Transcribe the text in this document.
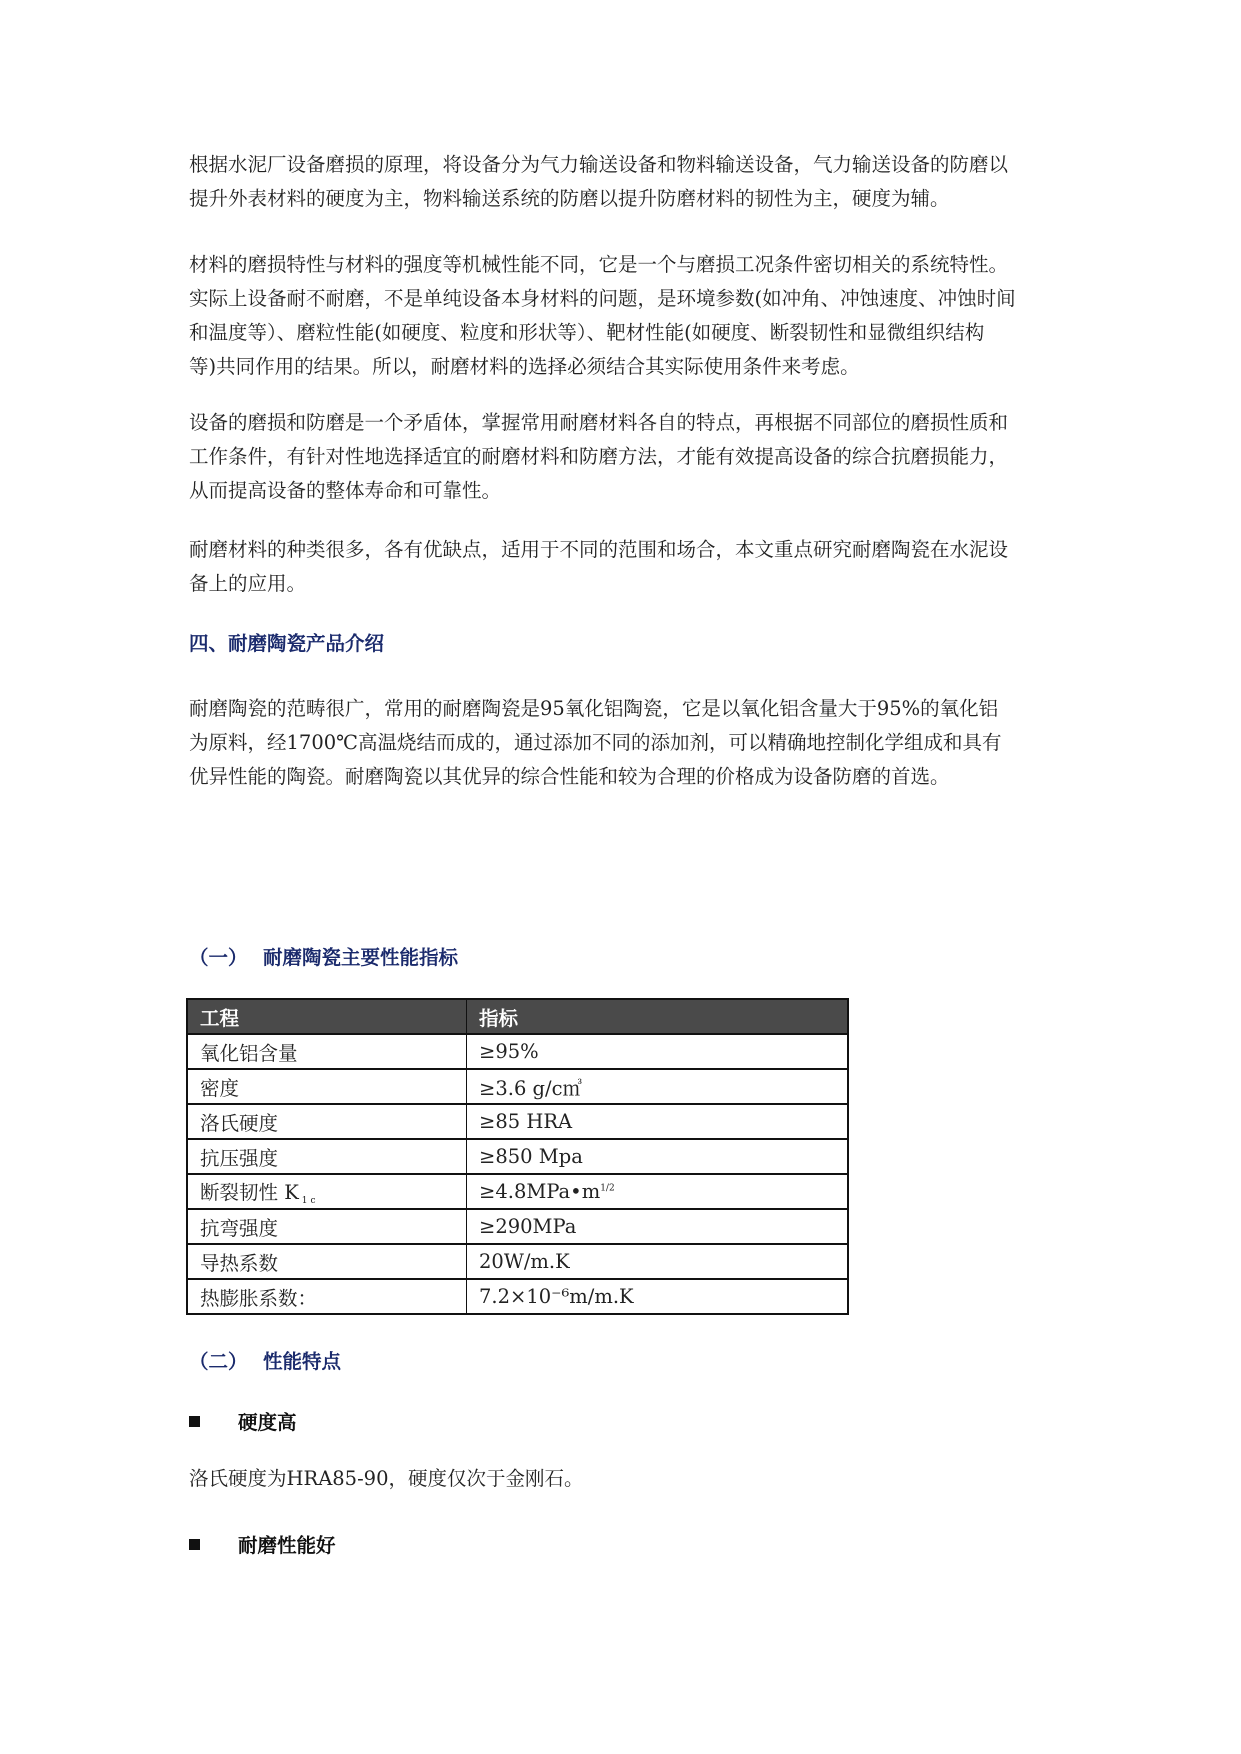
根据水泥厂设备磨损的原理，将设备分为气力输送设备和物料输送设备，气力输送设备的防磨以
提升外表材料的硬度为主，物料输送系统的防磨以提升防磨材料的韧性为主，硬度为辅。

材料的磨损特性与材料的强度等机械性能不同，它是一个与磨损工况条件密切相关的系统特性。
实际上设备耐不耐磨，不是单纯设备本身材料的问题，是环境参数(如冲角、冲蚀速度、冲蚀时间
和温度等）、磨粒性能(如硬度、粒度和形状等）、靶材性能(如硬度、断裂韧性和显微组织结构
等)共同作用的结果。所以，耐磨材料的选择必须结合其实际使用条件来考虑。

设备的磨损和防磨是一个矛盾体，掌握常用耐磨材料各自的特点，再根据不同部位的磨损性质和
工作条件，有针对性地选择适宜的耐磨材料和防磨方法，才能有效提高设备的综合抗磨损能力，
从而提高设备的整体寿命和可靠性。

耐磨材料的种类很多，各有优缺点，适用于不同的范围和场合，本文重点研究耐磨陶瓷在水泥设
备上的应用。

四、耐磨陶瓷产品介绍

耐磨陶瓷的范畴很广，常用的耐磨陶瓷是95氧化铝陶瓷，它是以氧化铝含量大于95%的氧化铝
为原料，经1700℃高温烧结而成的，通过添加不同的添加剂，可以精确地控制化学组成和具有
优异性能的陶瓷。耐磨陶瓷以其优异的综合性能和较为合理的价格成为设备防磨的首选。

（一） 耐磨陶瓷主要性能指标
工程	指标
氧化铝含量	≥95%
密度	≥3.6 g/c㎥
洛氏硬度	≥85 HRA
抗压强度	≥850 Mpa
断裂韧性 K $_{1c}$	$\ge 4.8MPa•m^{1/2}$
抗弯强度	≥290MPa
导热系数	20W/m.K
热膨胀系数：	7.2×10⁻⁶m/m.K
（二） 性能特点
硬度高

洛氏硬度为HRA85-90，硬度仅次于金刚石。

耐磨性能好
